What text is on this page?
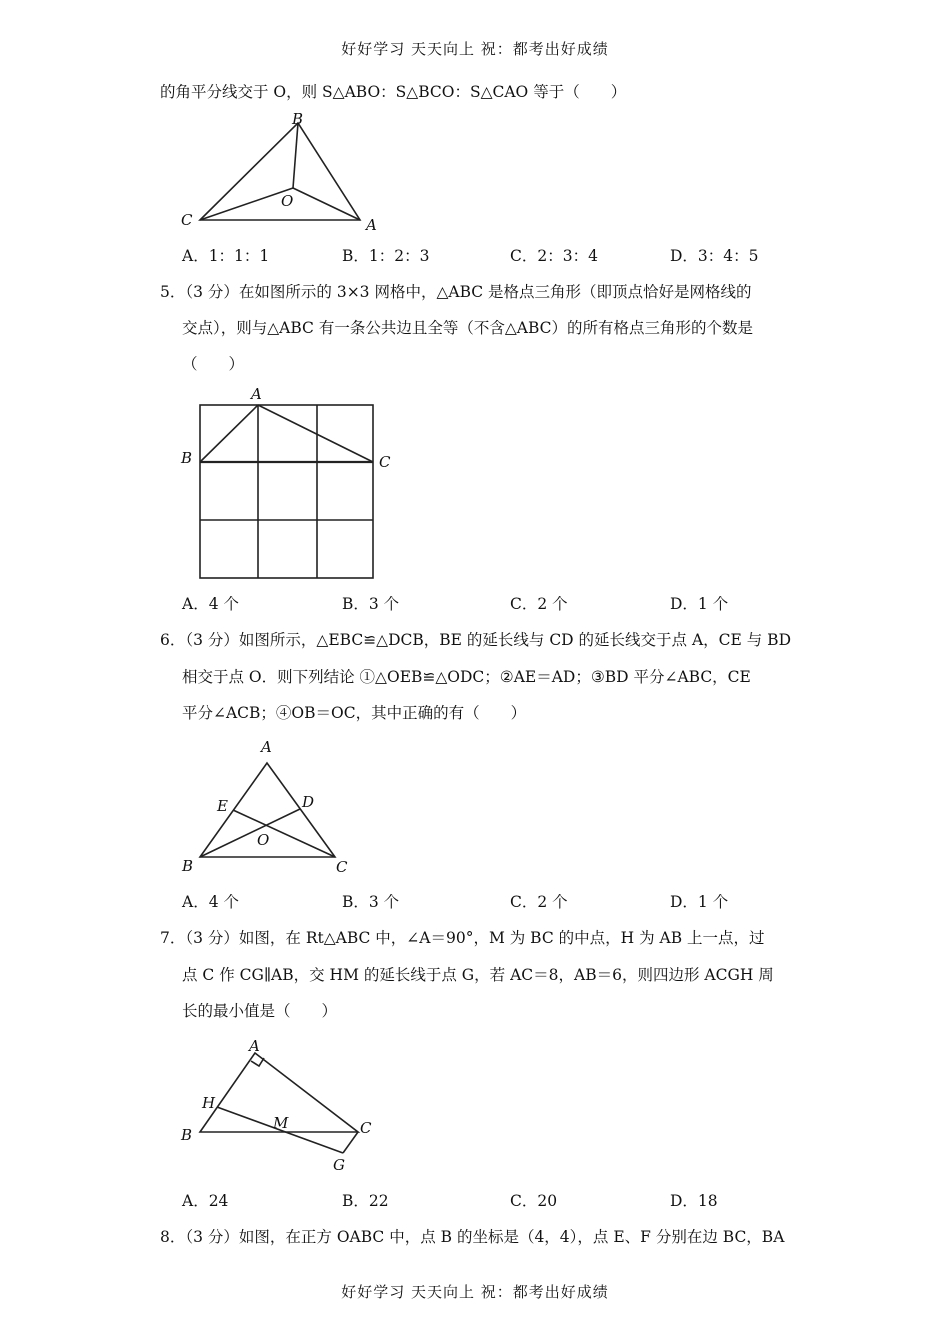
好好学习 天天向上 祝：都考出好成绩
的角平分线交于 O，则 S△ABO：S△BCO：S△CAO 等于（　　）
B
C
O
A
A．1：1：1	B．1：2：3	C．2：3：4	D．3：4：5
5．（3 分）在如图所示的 3×3 网格中，△ABC 是格点三角形（即顶点恰好是网格线的
交点），则与△ABC 有一条公共边且全等（不含△ABC）的所有格点三角形的个数是
（　　）
A
B	C
A．4 个	B．3 个	C．2 个	D．1 个
6．（3 分）如图所示，△EBC≌△DCB，BE 的延长线与 CD 的延长线交于点 A，CE 与 BD
相交于点 O．则下列结论 ①△OEB≌△ODC；②AE＝AD；③BD 平分∠ABC，CE
平分∠ACB；④OB＝OC，其中正确的有（　　）
A
E	D
O
B	C
A．4 个	B．3 个	C．2 个	D．1 个
7．（3 分）如图，在 Rt△ABC 中，∠A＝90°，M 为 BC 的中点，H 为 AB 上一点，过
点 C 作 CG∥AB，交 HM 的延长线于点 G，若 AC＝8，AB＝6，则四边形 ACGH 周
长的最小值是（　　）
A
H
M
B	C
G
A．24	B．22	C．20	D．18
8．（3 分）如图，在正方 OABC 中，点 B 的坐标是（4，4），点 E、F 分别在边 BC，BA
好好学习 天天向上 祝：都考出好成绩
